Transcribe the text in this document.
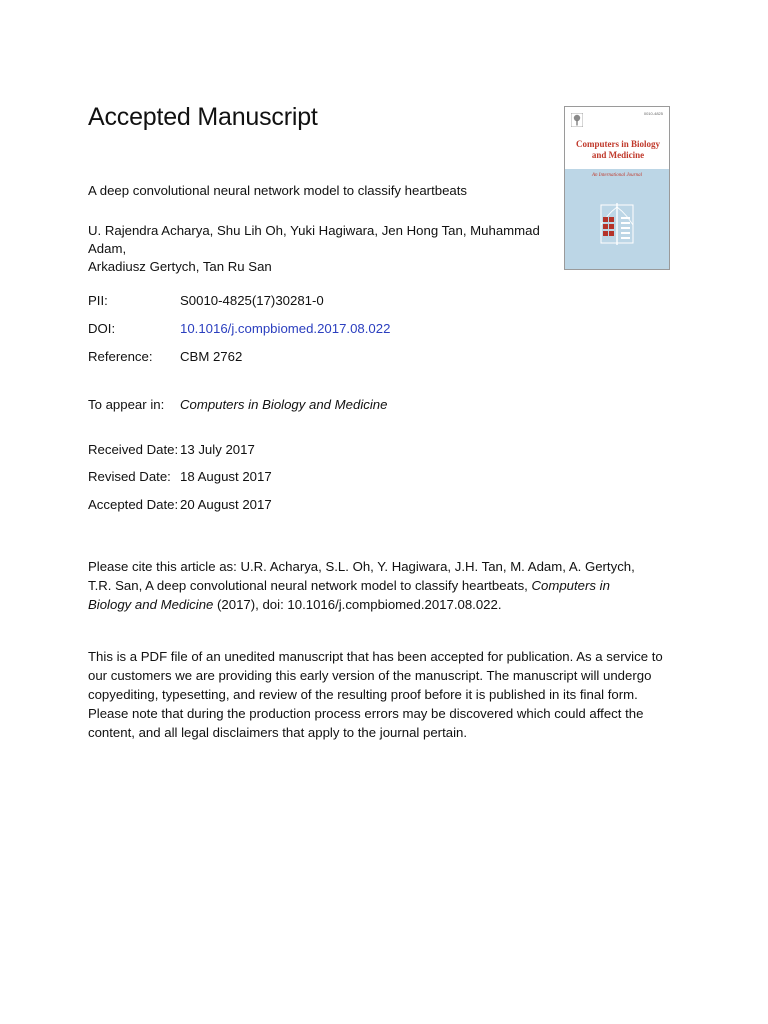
Accepted Manuscript	0010-4825
Computers in Biology
and Medicine
An International Journal

A deep convolutional neural network model to classify heartbeats

U. Rajendra Acharya, Shu Lih Oh, Yuki Hagiwara, Jen Hong Tan, Muhammad Adam,
Arkadiusz Gertych, Tan Ru San
PII:	S0010-4825(17)30281-0
DOI:	10.1016/j.compbiomed.2017.08.022
Reference: CBM 2762
To appear in: Computers in Biology and Medicine
Received Date: 13 July 2017
Revised Date: 18 August 2017
Accepted Date: 20 August 2017

Please cite this article as: U.R. Acharya, S.L. Oh, Y. Hagiwara, J.H. Tan, M. Adam, A. Gertych, T.R. San, A deep convolutional neural network model to classify heartbeats, Computers in Biology and Medicine (2017), doi: 10.1016/j.compbiomed.2017.08.022.

This is a PDF file of an unedited manuscript that has been accepted for publication. As a service to our customers we are providing this early version of the manuscript. The manuscript will undergo copyediting, typesetting, and review of the resulting proof before it is published in its final form. Please note that during the production process errors may be discovered which could affect the content, and all legal disclaimers that apply to the journal pertain.
